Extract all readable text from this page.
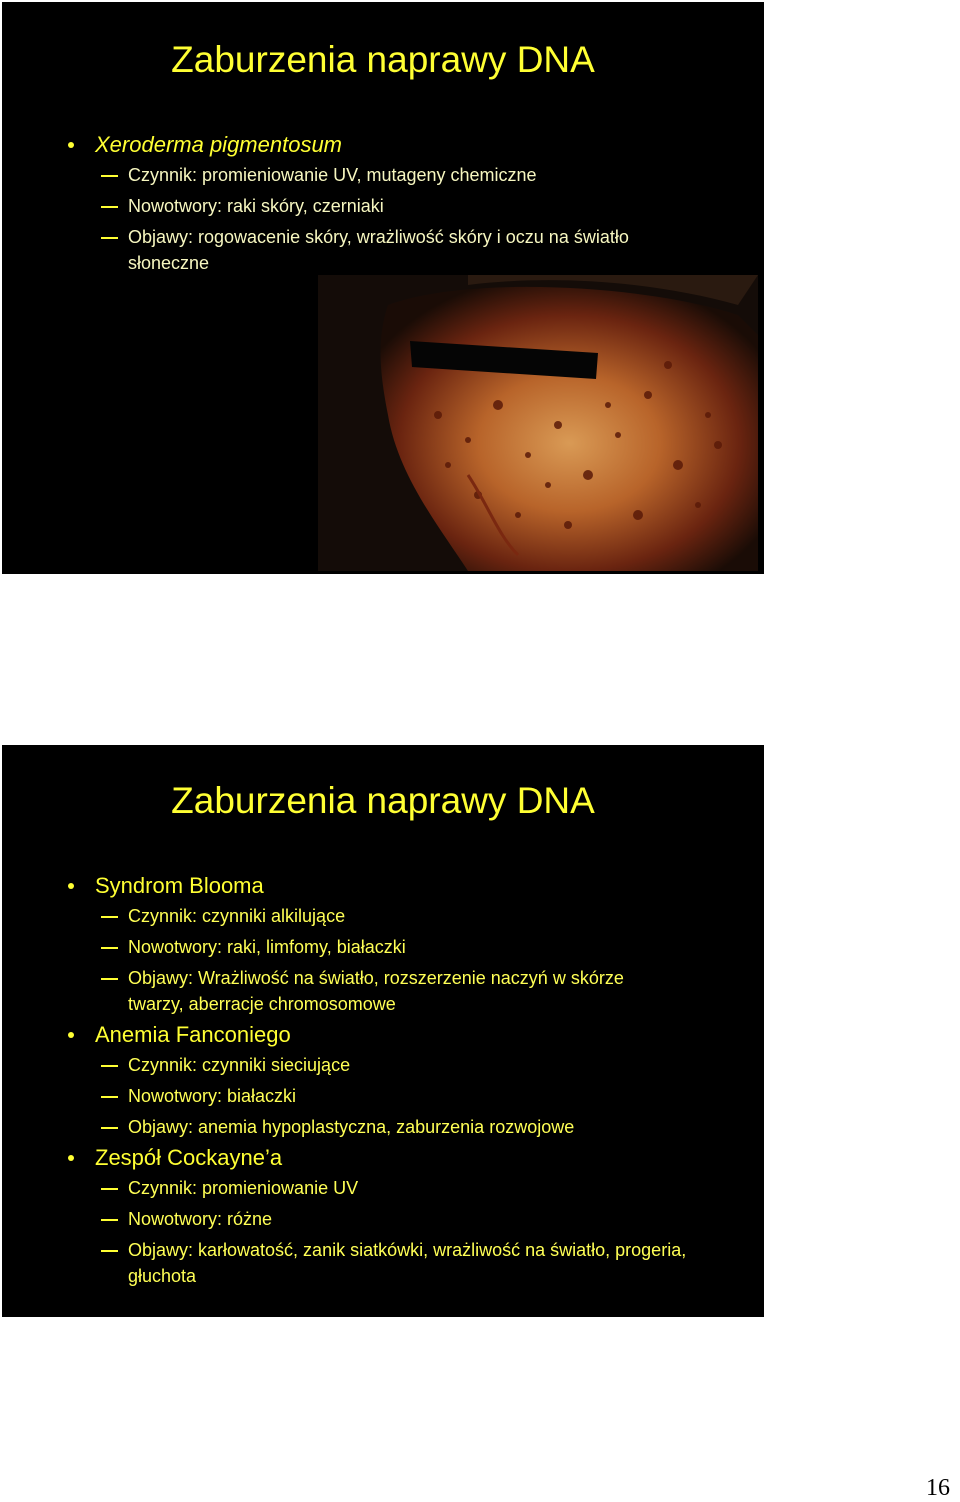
Zaburzenia naprawy DNA

Xeroderma pigmentosum

Czynnik: promieniowanie UV, mutageny chemiczne

Nowotwory: raki skóry, czerniaki

Objawy: rogowacenie skóry, wrażliwość skóry i oczu na światło słoneczne

Zaburzenia naprawy DNA

Syndrom Blooma

Czynnik: czynniki alkilujące

Nowotwory: raki, limfomy, białaczki

Objawy: Wrażliwość na światło, rozszerzenie naczyń w skórze twarzy, aberracje chromosomowe

Anemia Fanconiego

Czynnik: czynniki sieciujące

Nowotwory: białaczki

Objawy: anemia hypoplastyczna, zaburzenia rozwojowe

Zespół Cockayne’a

Czynnik: promieniowanie UV

Nowotwory: różne

Objawy: karłowatość, zanik siatkówki, wrażliwość na światło, progeria, głuchota

16
